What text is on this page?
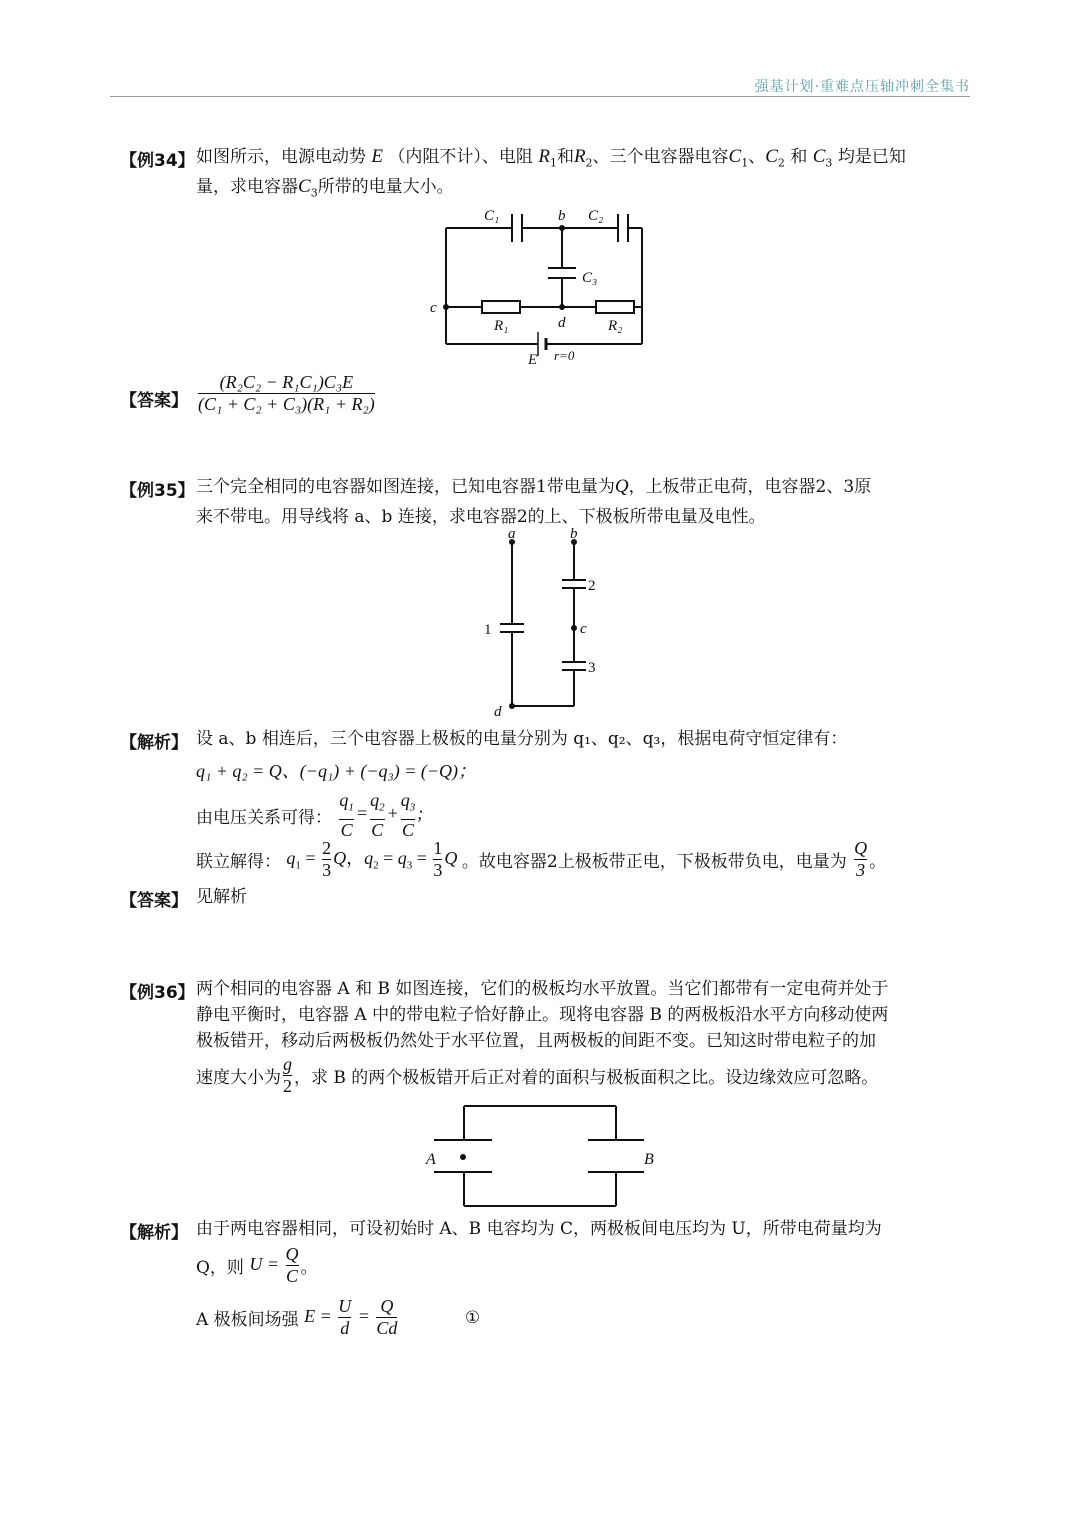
强基计划·重难点压轴冲刺全集书
【例34】 如图所示，电源电动势 E （内阻不计）、电阻 $R_1$和$R_2$、三个电容器电容$C_1$、$C_2$ 和 $C_3$ 均是已知
量，求电容器$C_3$所带的电量大小。
C₁	b C₂
C₃
c
R₁	d	R₂
E r=0
【答案】 $\frac{\text{(R₂C₂ − R₁C₁)C₃E}}{\text{(C₁ + C₂ + C₃)(R₁ + R₂)}}$
【例35】 三个完全相同的电容器如图连接，已知电容器1带电量为Q，上板带正电荷，电容器2、3原
来不带电。用导线将 a、b 连接，求电容器2的上、下极板所带电量及电性。
a	b
c
d
1
2
3
【解析】 设 a、b 相连后，三个电容器上极板的电量分别为 q₁、q₂、q₃，根据电荷守恒定律有：
q₁ + q₂ = Q、(−q₁) + (−q₃) = (−Q)；
由电压关系可得： $\frac{q_1}{C} = \frac{q_2}{C} + \frac{q_3}{C}$ ;
联立解得： $q_1 = \frac{2}{3}$ Q，$q_2 = q_3 = \frac{1}{3}$ Q 。故电容器2上极板带正电，下极板带负电，电量为 $\frac{Q}{3}$ 。
【答案】 见解析
【例36】 两个相同的电容器 A 和 B 如图连接，它们的极板均水平放置。当它们都带有一定电荷并处于
静电平衡时，电容器 A 中的带电粒子恰好静止。现将电容器 B 的两极板沿水平方向移动使两
极板错开，移动后两极板仍然处于水平位置，且两极板的间距不变。已知这时带电粒子的加
速度大小为 $\frac{g}{2}$ ，求 B 的两个极板错开后正对着的面积与极板面积之比。设边缘效应可忽略。
A	B
【解析】 由于两电容器相同，可设初始时 A、B 电容均为 C，两极板间电压均为 U，所带电荷量均为
Q，则 $U = \frac{Q}{C}$ 。
A 极板间场强 $E = \frac{U}{d} = \frac{Q}{Cd}$	①
